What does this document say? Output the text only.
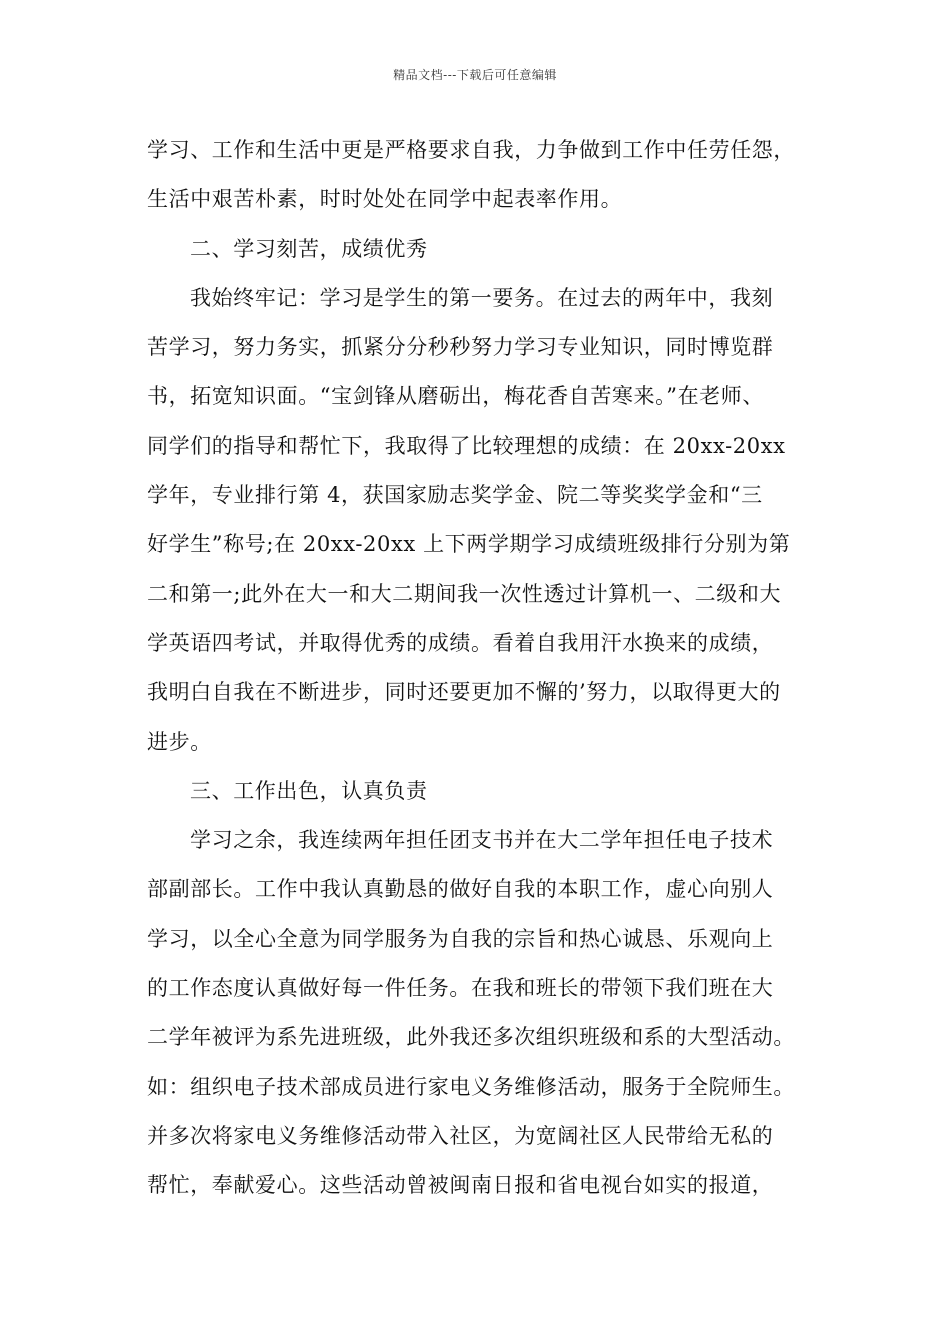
精品文档---下载后可任意编辑
学习、工作和生活中更是严格要求自我，力争做到工作中任劳任怨，
生活中艰苦朴素，时时处处在同学中起表率作用。
二、学习刻苦，成绩优秀
我始终牢记：学习是学生的第一要务。在过去的两年中，我刻
苦学习，努力务实，抓紧分分秒秒努力学习专业知识，同时博览群
书，拓宽知识面。“宝剑锋从磨砺出，梅花香自苦寒来。”在老师、
同学们的指导和帮忙下，我取得了比较理想的成绩：在 20xx-20xx
学年，专业排行第 4，获国家励志奖学金、院二等奖奖学金和“三
好学生”称号;在 20xx-20xx 上下两学期学习成绩班级排行分别为第
二和第一;此外在大一和大二期间我一次性透过计算机一、二级和大
学英语四考试，并取得优秀的成绩。看着自我用汗水换来的成绩，
我明白自我在不断进步，同时还要更加不懈的’努力，以取得更大的
进步。
三、工作出色，认真负责
学习之余，我连续两年担任团支书并在大二学年担任电子技术
部副部长。工作中我认真勤恳的做好自我的本职工作，虚心向别人
学习，以全心全意为同学服务为自我的宗旨和热心诚恳、乐观向上
的工作态度认真做好每一件任务。在我和班长的带领下我们班在大
二学年被评为系先进班级，此外我还多次组织班级和系的大型活动。
如：组织电子技术部成员进行家电义务维修活动，服务于全院师生。
并多次将家电义务维修活动带入社区，为宽阔社区人民带给无私的
帮忙，奉献爱心。这些活动曾被闽南日报和省电视台如实的报道，
